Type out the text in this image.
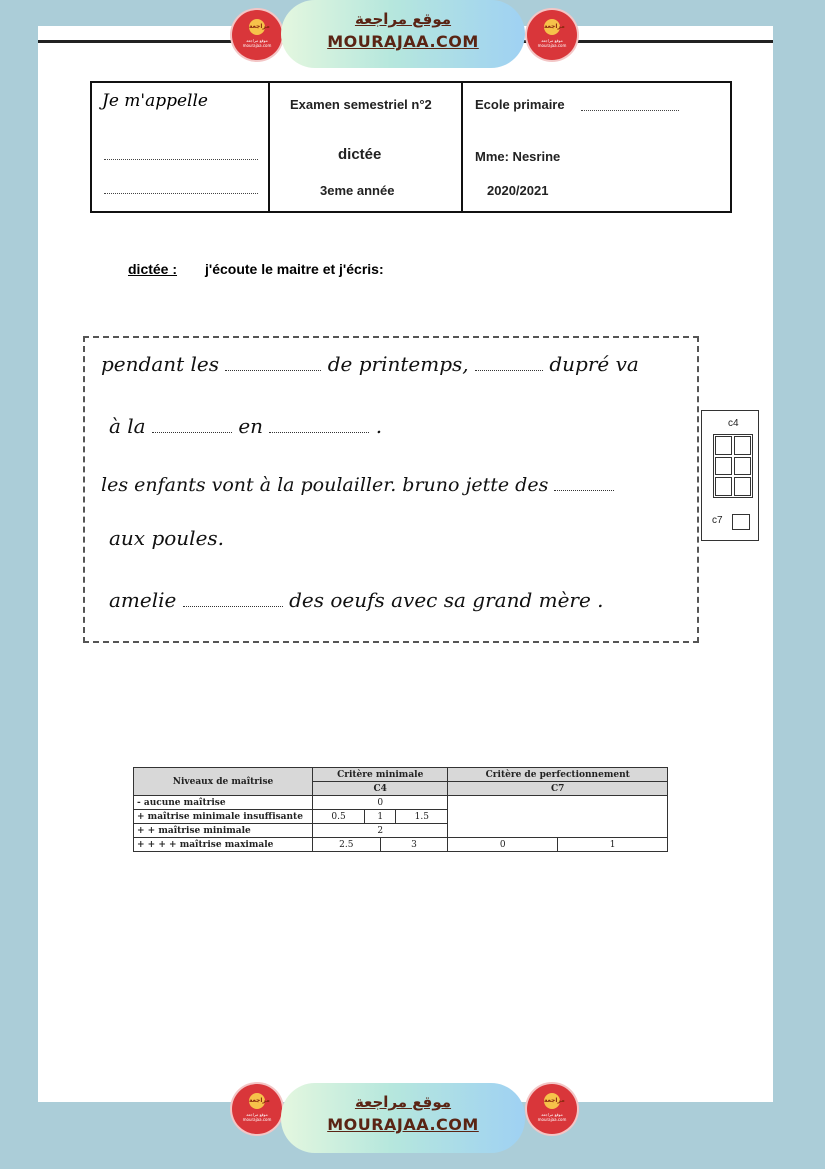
مراجعة
موقع مراجعة mourajaa.com
موقع مراجعة
MOURAJAA.COM
مراجعة
موقع مراجعة mourajaa.com
Je m'appelle	Examen semestriel n°2
dictée
3eme année
Ecole primaire
Mme: Nesrine
2020/2021
dictée : j'écoute le maitre et j'écris:
pendant les	de printemps,	dupré va
à la	en	.
les enfants vont à la poulailler. bruno jette des
aux poules.
amelie	des oeufs avec sa grand mère .
c4
c7
Niveaux de maîtrise	Critère minimale				Critère de perfectionnement	
	C4				C7	
- aucune maîtrise	0					
+ maîtrise minimale insuffisante	0.5	1		1.5		
+ + maîtrise minimale	2					
+ + + + maîtrise maximale	2.5		3		0	1
مراجعة
موقع مراجعة mourajaa.com
موقع مراجعة
MOURAJAA.COM
مراجعة
موقع مراجعة mourajaa.com
